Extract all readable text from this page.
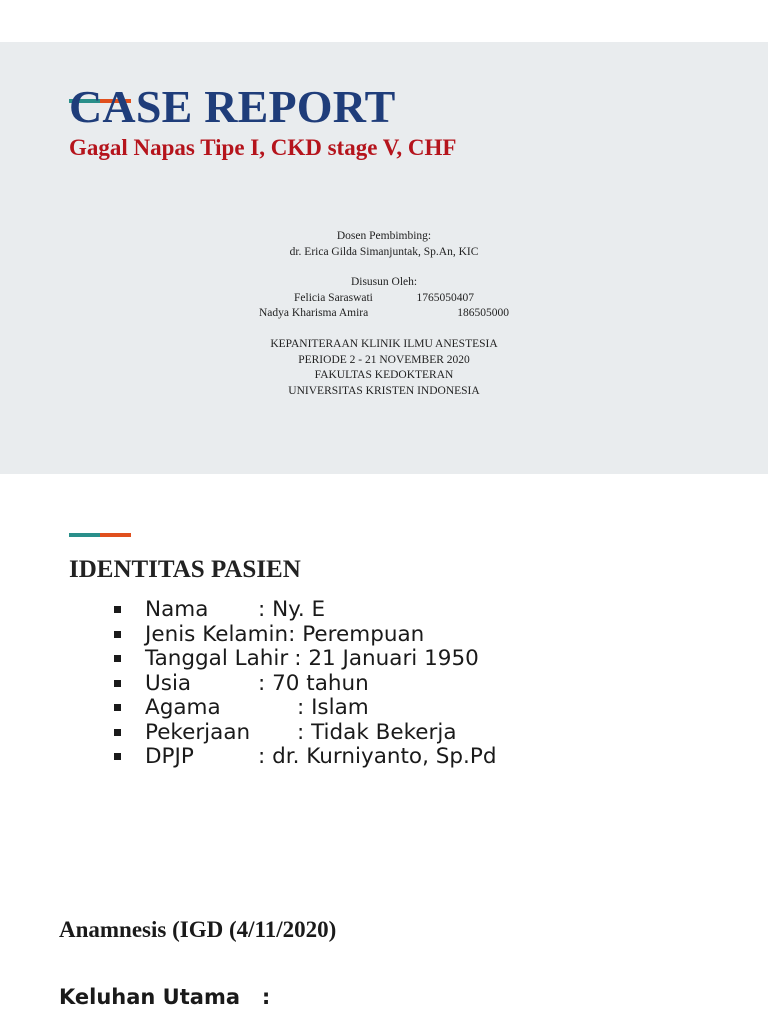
CASE REPORT
Gagal Napas Tipe I, CKD stage V, CHF
Dosen Pembimbing:
dr. Erica Gilda Simanjuntak, Sp.An, KIC
Disusun Oleh:
Felicia Saraswati	1765050407
Nadya Kharisma Amira	186505000
KEPANITERAAN KLINIK ILMU ANESTESIA
PERIODE 2 - 21 NOVEMBER 2020
FAKULTAS KEDOKTERAN
UNIVERSITAS KRISTEN INDONESIA
IDENTITAS PASIEN
Nama : Ny. E
Jenis Kelamin: Perempuan
Tanggal Lahir : 21 Januari 1950
Usia	: 70 tahun
Agama	: Islam
Pekerjaan : Tidak Bekerja
DPJP	: dr. Kurniyanto, Sp.Pd
Anamnesis (IGD (4/11/2020)
Keluhan Utama   :
